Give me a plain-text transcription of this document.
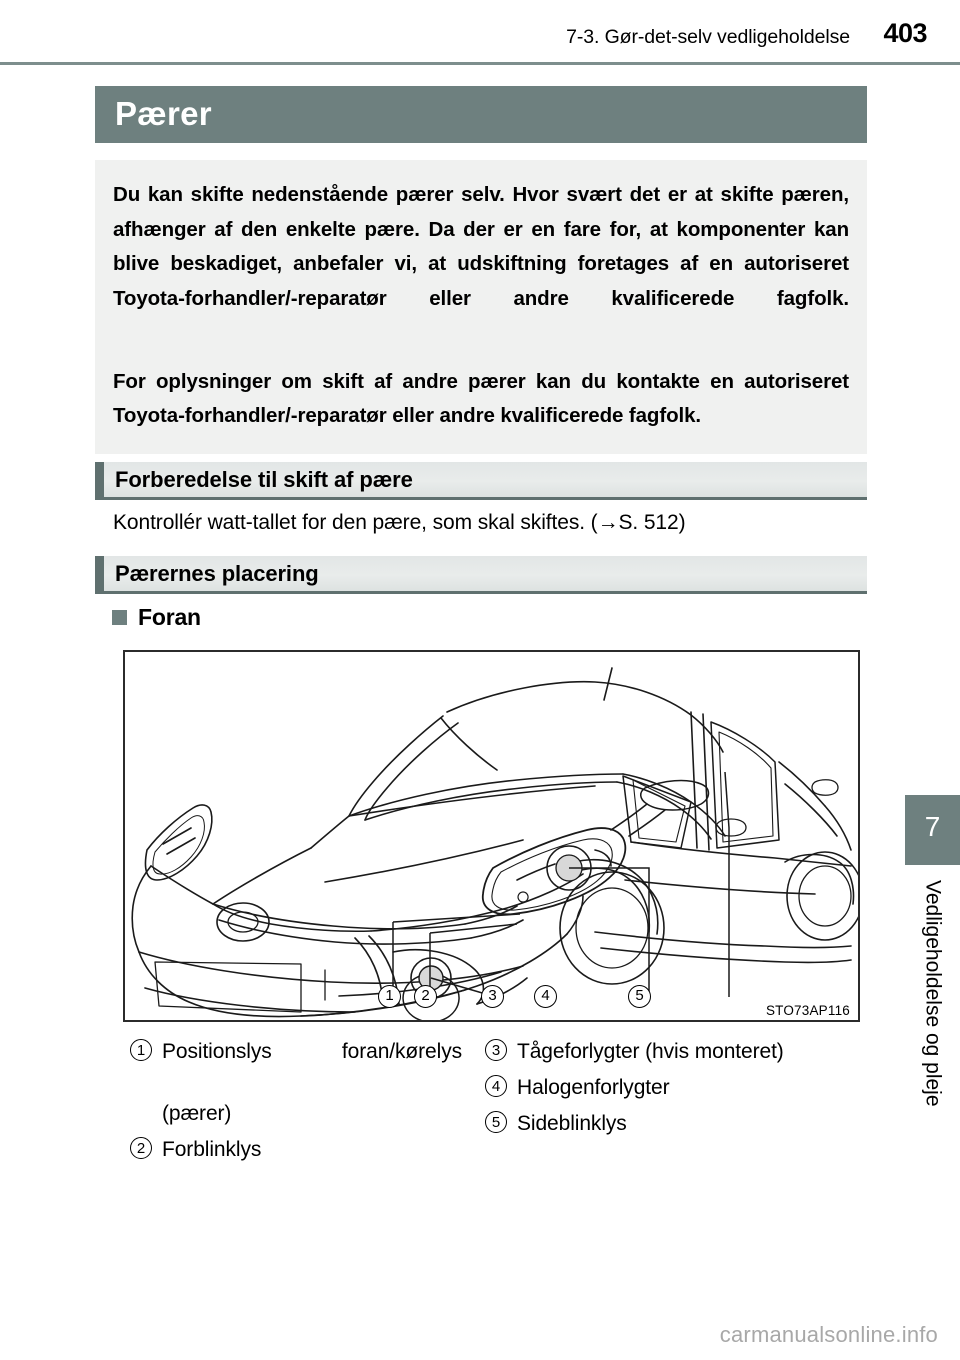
7-3. Gør-det-selv vedligeholdelse 403
Pærer

Du kan skifte nedenstående pærer selv. Hvor svært det er at skifte pæren, afhænger af den enkelte pære. Da der er en fare for, at komponenter kan blive beskadiget, anbefaler vi, at udskiftning foretages af en autoriseret Toyota-forhandler/-reparatør eller andre kvalificerede fagfolk.

For oplysninger om skift af andre pærer kan du kontakte en autoriseret Toyota-forhandler/-reparatør eller andre kvalificerede fagfolk.

Forberedelse til skift af pære
Kontrollér watt-tallet for den pære, som skal skiftes. (→S. 512)
Pærernes placering
Foran
STO73AP116
1	2	3	4	5
1 Positionslys foran/kørelys
(pærer)
2 Forblinklys
3 Tågeforlygter (hvis monteret)
4 Halogenforlygter
5 Sideblinklys
7
Vedligeholdelse og pleje
carmanualsonline.info
